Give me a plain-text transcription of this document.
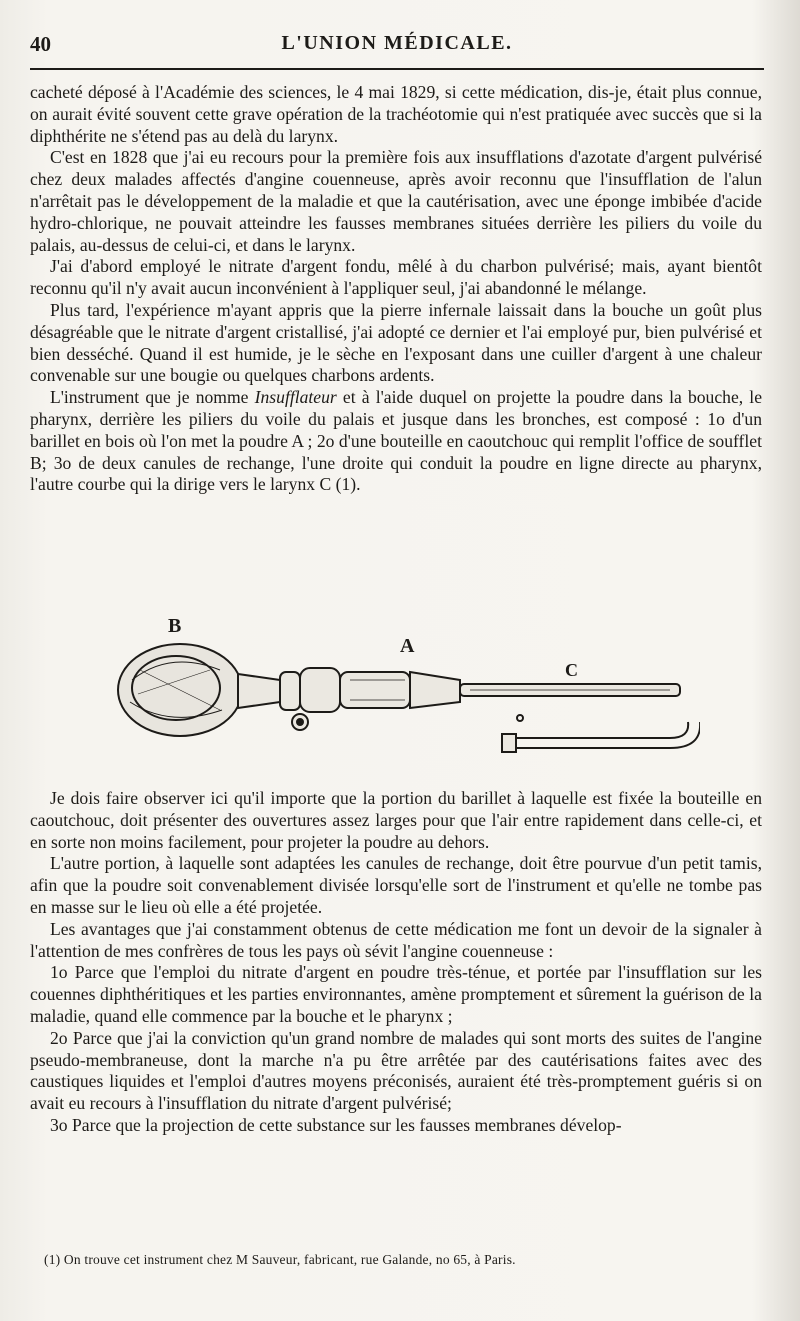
40	L'UNION MÉDICALE.

cacheté déposé à l'Académie des sciences, le 4 mai 1829, si cette médication, dis-je, était plus connue, on aurait évité souvent cette grave opération de la trachéotomie qui n'est pratiquée avec succès que si la diphthérite ne s'étend pas au delà du larynx.

C'est en 1828 que j'ai eu recours pour la première fois aux insufflations d'azotate d'argent pulvérisé chez deux malades affectés d'angine couenneuse, après avoir reconnu que l'insufflation de l'alun n'arrêtait pas le développement de la maladie et que la cautérisation, avec une éponge imbibée d'acide hydro-chlorique, ne pouvait atteindre les fausses membranes situées derrière les piliers du voile du palais, au-dessus de celui-ci, et dans le larynx.

J'ai d'abord employé le nitrate d'argent fondu, mêlé à du charbon pulvérisé; mais, ayant bientôt reconnu qu'il n'y avait aucun inconvénient à l'appliquer seul, j'ai abandonné le mélange.

Plus tard, l'expérience m'ayant appris que la pierre infernale laissait dans la bouche un goût plus désagréable que le nitrate d'argent cristallisé, j'ai adopté ce dernier et l'ai employé pur, bien pulvérisé et bien desséché. Quand il est humide, je le sèche en l'exposant dans une cuiller d'argent à une chaleur convenable sur une bougie ou quelques charbons ardents.

L'instrument que je nomme Insufflateur et à l'aide duquel on projette la poudre dans la bouche, le pharynx, derrière les piliers du voile du palais et jusque dans les bronches, est composé : 1o d'un barillet en bois où l'on met la poudre A ; 2o d'une bouteille en caoutchouc qui remplit l'office de soufflet B; 3o de deux canules de rechange, l'une droite qui conduit la poudre en ligne directe au pharynx, l'autre courbe qui la dirige vers le larynx C (1).

B
A
C

Je dois faire observer ici qu'il importe que la portion du barillet à laquelle est fixée la bouteille en caoutchouc, doit présenter des ouvertures assez larges pour que l'air entre rapidement dans celle-ci, et en sorte non moins facilement, pour projeter la poudre au dehors.

L'autre portion, à laquelle sont adaptées les canules de rechange, doit être pourvue d'un petit tamis, afin que la poudre soit convenablement divisée lorsqu'elle sort de l'instrument et qu'elle ne tombe pas en masse sur le lieu où elle a été projetée.

Les avantages que j'ai constamment obtenus de cette médication me font un devoir de la signaler à l'attention de mes confrères de tous les pays où sévit l'angine couenneuse :

1o Parce que l'emploi du nitrate d'argent en poudre très-ténue, et portée par l'insufflation sur les couennes diphthéritiques et les parties environnantes, amène promptement et sûrement la guérison de la maladie, quand elle commence par la bouche et le pharynx ;

2o Parce que j'ai la conviction qu'un grand nombre de malades qui sont morts des suites de l'angine pseudo-membraneuse, dont la marche n'a pu être arrêtée par des cautérisations faites avec des caustiques liquides et l'emploi d'autres moyens préconisés, auraient été très-promptement guéris si on avait eu recours à l'insufflation du nitrate d'argent pulvérisé;

3o Parce que la projection de cette substance sur les fausses membranes dévelop-

(1) On trouve cet instrument chez M Sauveur, fabricant, rue Galande, no 65, à Paris.
